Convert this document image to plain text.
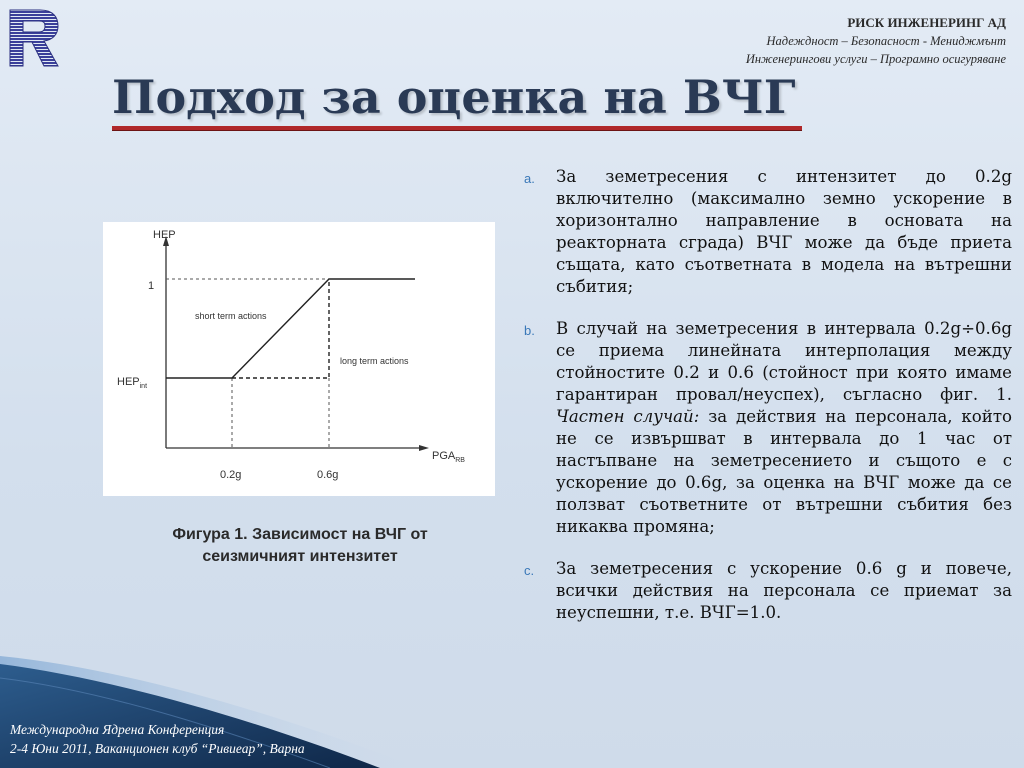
РИСК ИНЖЕНЕРИНГ АД
Надеждност – Безопасност - Мениджмънт
Инженерингови услуги – Програмно осигуряване
Подход за оценка на ВЧГ
HEP
1
$HEP_{int}$
0.2g	0.6g
$PGA_{RB}$
short term actions
long term actions
Фигура 1. Зависимост на ВЧГ от
сеизмичният интензитет
a.	За земетресения с интензитет до 0.2g включително (максимално земно ускорение в хоризонтално направление в основата на реакторната сграда) ВЧГ може да бъде приета същата, като съответната в модела на вътрешни събития;
b.	В случай на земетресения в интервала 0.2g÷0.6g се приема линейната интерполация между стойностите 0.2 и 0.6 (стойност при която имаме гарантиран провал/неуспех), съгласно фиг. 1. Частен случай: за действия на персонала, който не се извършват в интервала до 1 час от настъпване на земетресението и същото е с ускорение до 0.6g, за оценка на ВЧГ може да се ползват съответните от вътрешни събития без никаква промяна;
c.	За земетресения с ускорение 0.6 g и повече, всички действия на персонала се приемат за неуспешни, т.е. ВЧГ=1.0.
Международна Ядрена Конференция
2-4 Юни 2011, Ваканционен клуб “Ривиеар”, Варна
